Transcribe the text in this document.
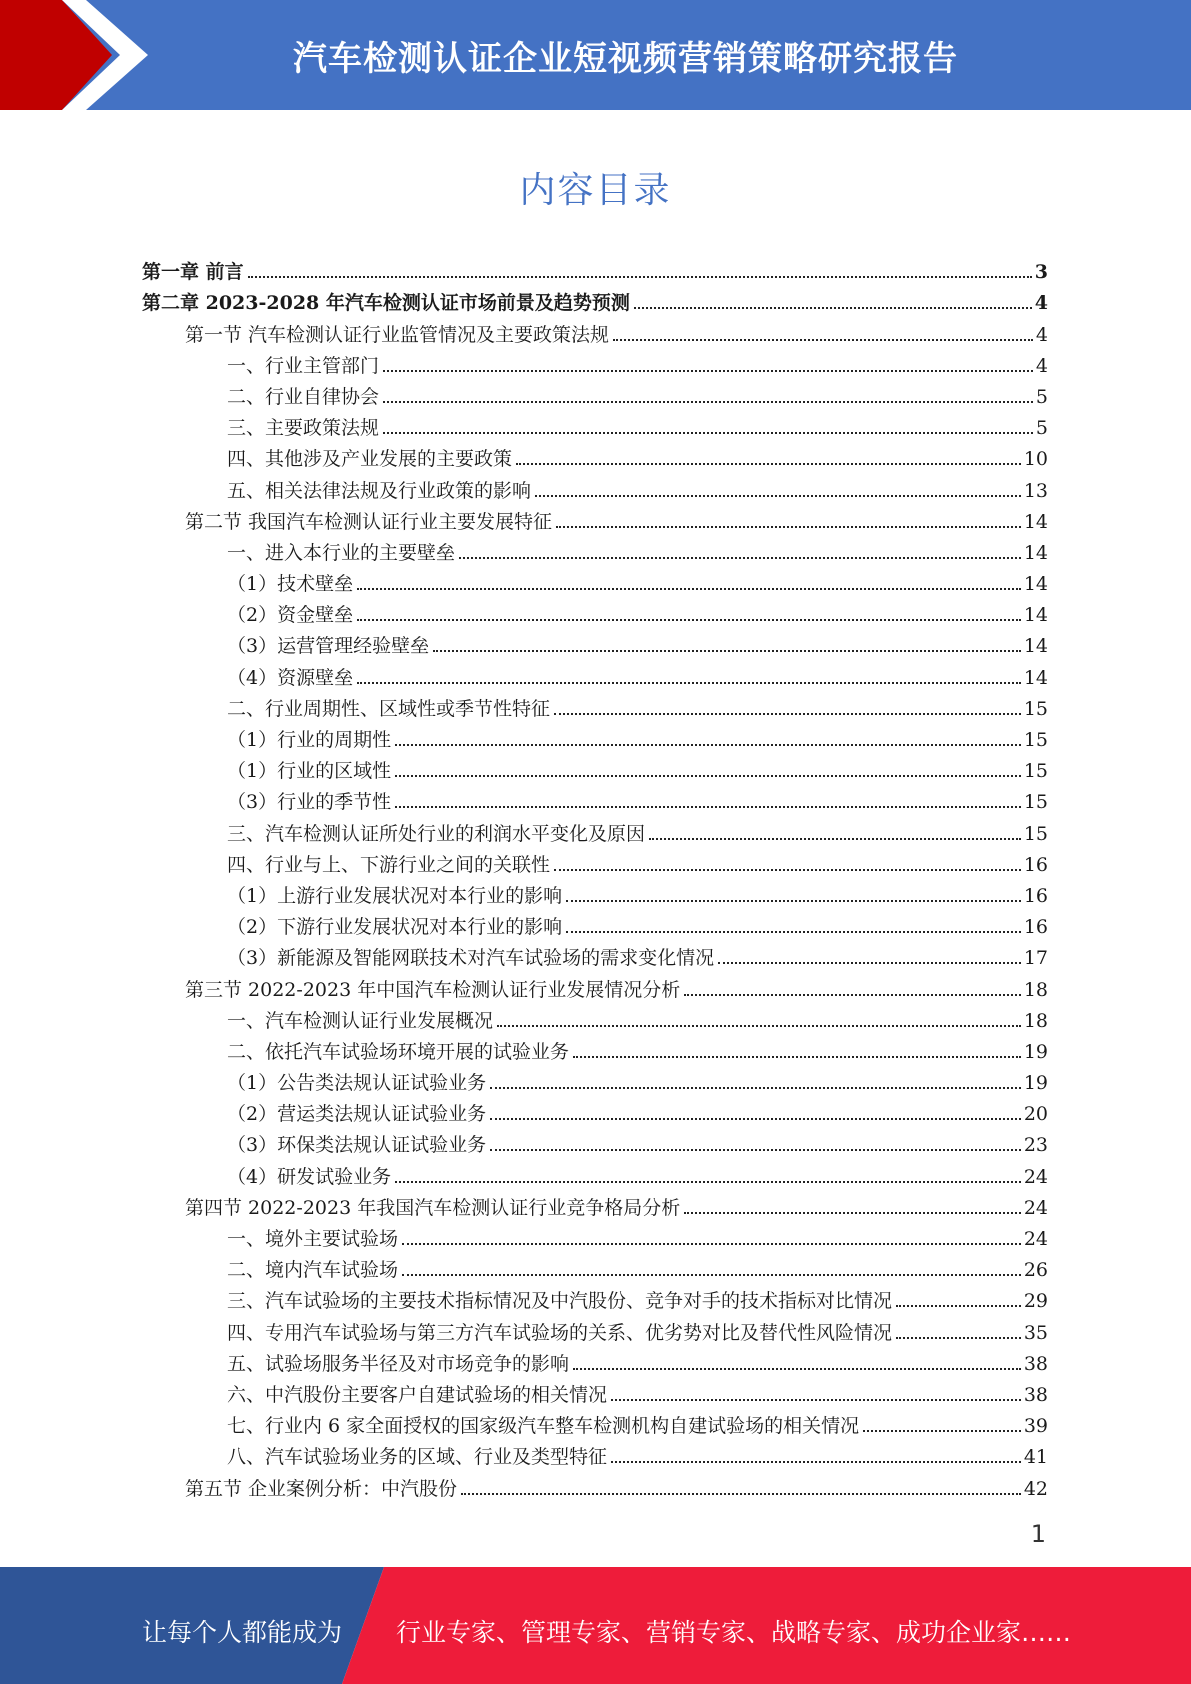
汽车检测认证企业短视频营销策略研究报告
内容目录
第一章 前言	3
第二章 2023-2028 年汽车检测认证市场前景及趋势预测	4
第一节 汽车检测认证行业监管情况及主要政策法规	4
一、行业主管部门	4
二、行业自律协会	5
三、主要政策法规	5
四、其他涉及产业发展的主要政策	10
五、相关法律法规及行业政策的影响	13
第二节 我国汽车检测认证行业主要发展特征	14
一、进入本行业的主要壁垒	14
（1）技术壁垒	14
（2）资金壁垒	14
（3）运营管理经验壁垒	14
（4）资源壁垒	14
二、行业周期性、区域性或季节性特征	15
（1）行业的周期性	15
（1）行业的区域性	15
（3）行业的季节性	15
三、汽车检测认证所处行业的利润水平变化及原因	15
四、行业与上、下游行业之间的关联性	16
（1）上游行业发展状况对本行业的影响	16
（2）下游行业发展状况对本行业的影响	16
（3）新能源及智能网联技术对汽车试验场的需求变化情况	17
第三节 2022-2023 年中国汽车检测认证行业发展情况分析	18
一、汽车检测认证行业发展概况	18
二、依托汽车试验场环境开展的试验业务	19
（1）公告类法规认证试验业务	19
（2）营运类法规认证试验业务	20
（3）环保类法规认证试验业务	23
（4）研发试验业务	24
第四节 2022-2023 年我国汽车检测认证行业竞争格局分析	24
一、境外主要试验场	24
二、境内汽车试验场	26
三、汽车试验场的主要技术指标情况及中汽股份、竞争对手的技术指标对比情况	29
四、专用汽车试验场与第三方汽车试验场的关系、优劣势对比及替代性风险情况	35
五、试验场服务半径及对市场竞争的影响	38
六、中汽股份主要客户自建试验场的相关情况	38
七、行业内 6 家全面授权的国家级汽车整车检测机构自建试验场的相关情况	39
八、汽车试验场业务的区域、行业及类型特征	41
第五节 企业案例分析：中汽股份	42
1
让每个人都能成为 行业专家、管理专家、营销专家、战略专家、成功企业家……
